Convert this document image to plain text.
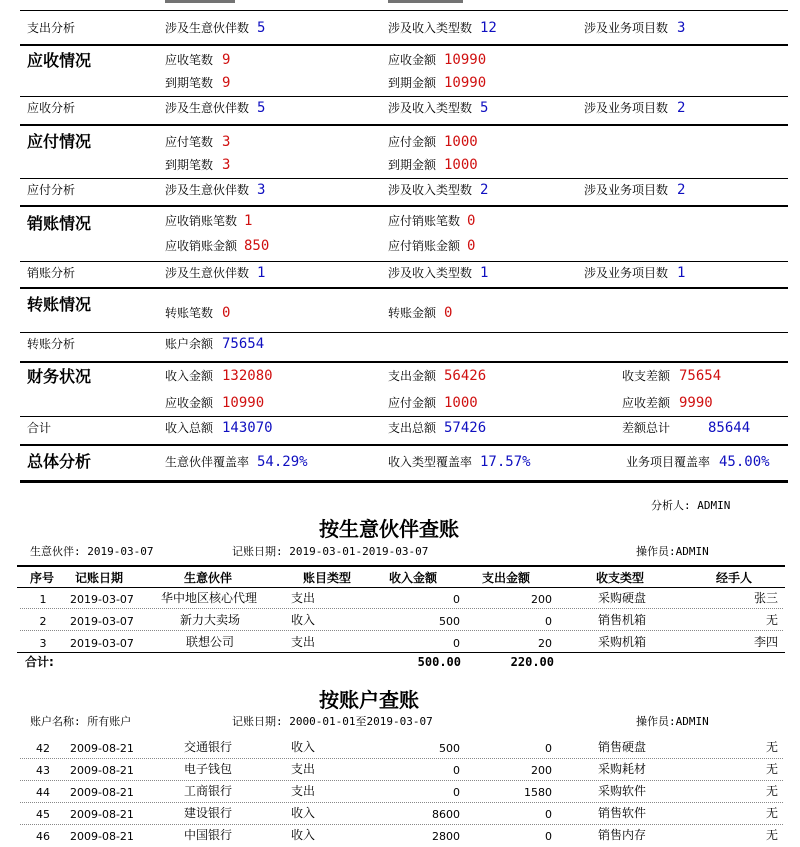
支出分析	涉及生意伙伴数 5	涉及收入类型数 12	涉及业务项目数 3
应收情况	应收笔数 9	应收金额 10990
到期笔数 9	到期金额 10990
应收分析	涉及生意伙伴数 5	涉及收入类型数 5	涉及业务项目数 2
应付情况	应付笔数 3	应付金额 1000
到期笔数 3	到期金额 1000
应付分析	涉及生意伙伴数 3	涉及收入类型数 2	涉及业务项目数 2
销账情况	应收销账笔数 1	应付销账笔数 0
应收销账金额 850	应付销账金额 0
销账分析	涉及生意伙伴数 1	涉及收入类型数 1	涉及业务项目数 1
转账情况	转账笔数 0	转账金额 0
转账分析	账户余额 75654
财务状况	收入金额 132080	支出金额 56426	收支差额 75654
应收金额 10990	应付金额 1000	应收差额 9990
合计	收入总额 143070	支出总额 57426	差额总计	85644
总体分析	生意伙伴覆盖率 54.29%	收入类型覆盖率 17.57%	业务项目覆盖率 45.00%
分析人: ADMIN
按生意伙伴查账
生意伙伴: 2019-03-07	记账日期: 2019-03-01-2019-03-07	操作员:ADMIN
序号 记账日期	生意伙伴	账目类型	收入金额	支出金额	收支类型	经手人
1	2019-03-07 华中地区核心代理	支出	0	200	采购硬盘	张三
2	2019-03-07	新力大卖场	收入	500	0	销售机箱	无
3	2019-03-07	联想公司	支出	0	20	采购机箱	李四
合计:	500.00	220.00
按账户查账
账户名称: 所有账户	记账日期: 2000-01-01至2019-03-07	操作员:ADMIN
42	2009-08-21	交通银行	收入	500	0	销售硬盘	无
43	2009-08-21	电子钱包	支出	0	200	采购耗材	无
44	2009-08-21	工商银行	支出	0	1580	采购软件	无
45	2009-08-21	建设银行	收入	8600	0	销售软件	无
46	2009-08-21	中国银行	收入	2800	0	销售内存	无
